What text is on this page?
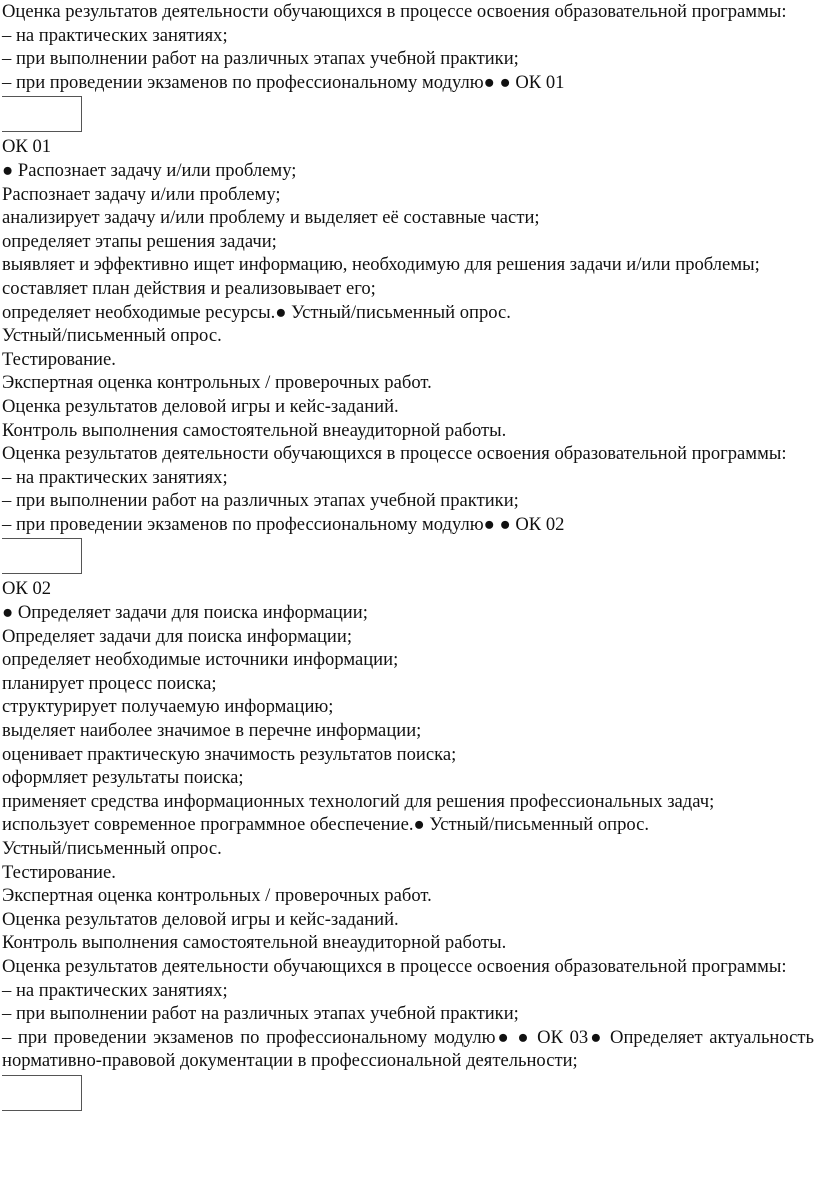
Оценка результатов деятельности обучающихся в процессе освоения образовательной программы:
– на практических занятиях;
– при выполнении работ на различных этапах учебной практики;
– при проведении экзаменов по профессиональному модулю● ● ОК 01
ОК 01
● Распознает задачу и/или проблему;
Распознает задачу и/или проблему;
анализирует задачу и/или проблему и выделяет её составные части;
определяет этапы решения задачи;
выявляет и эффективно ищет информацию, необходимую для решения задачи и/или проблемы;
составляет план действия и реализовывает его;
определяет необходимые ресурсы.● Устный/письменный опрос.
Устный/письменный опрос.
Тестирование.
Экспертная оценка контрольных / проверочных работ.
Оценка результатов деловой игры и кейс-заданий.
Контроль выполнения самостоятельной внеаудиторной работы.
Оценка результатов деятельности обучающихся в процессе освоения образовательной программы:
– на практических занятиях;
– при выполнении работ на различных этапах учебной практики;
– при проведении экзаменов по профессиональному модулю● ● ОК 02
ОК 02
● Определяет задачи для поиска информации;
Определяет задачи для поиска информации;
определяет необходимые источники информации;
планирует процесс поиска;
структурирует получаемую информацию;
выделяет наиболее значимое в перечне информации;
оценивает практическую значимость результатов поиска;
оформляет результаты поиска;
применяет средства информационных технологий для решения профессиональных задач;
использует современное программное обеспечение.● Устный/письменный опрос.
Устный/письменный опрос.
Тестирование.
Экспертная оценка контрольных / проверочных работ.
Оценка результатов деловой игры и кейс-заданий.
Контроль выполнения самостоятельной внеаудиторной работы.
Оценка результатов деятельности обучающихся в процессе освоения образовательной программы:
– на практических занятиях;
– при выполнении работ на различных этапах учебной практики;
– при проведении экзаменов по профессиональному модулю● ● ОК 03● Определяет актуальность нормативно-правовой документации в профессиональной деятельности;
